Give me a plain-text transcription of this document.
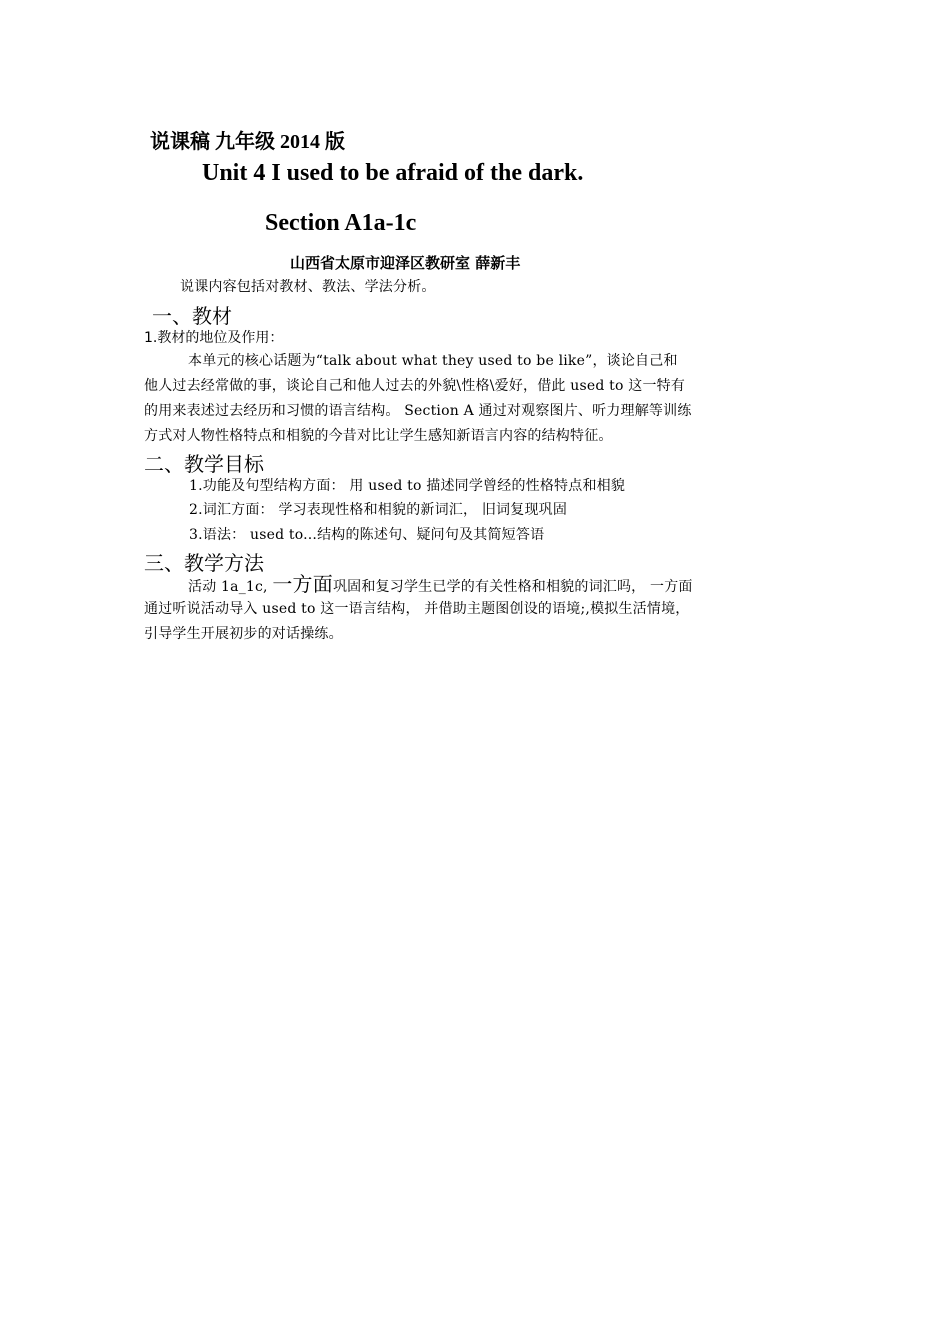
说课稿 九年级 2014 版
Unit 4 I used to be afraid of the dark.
Section A1a-1c
山西省太原市迎泽区教研室 薛新丰
说课内容包括对教材、教法、学法分析。
一、教材
1.教材的地位及作用：
本单元的核心话题为“talk about what they used to be like”，谈论自己和
他人过去经常做的事，谈论自己和他人过去的外貌\性格\爱好，借此 used to 这一特有
的用来表述过去经历和习惯的语言结构。 Section A 通过对观察图片、听力理解等训练
方式对人物性格特点和相貌的今昔对比让学生感知新语言内容的结构特征。
二、教学目标
1.功能及句型结构方面： 用 used to 描述同学曾经的性格特点和相貌
2.词汇方面： 学习表现性格和相貌的新词汇， 旧词复现巩固
3.语法： used to...结构的陈述句、疑问句及其简短答语
三、教学方法
活动 1a_1c, 一方面巩固和复习学生已学的有关性格和相貌的词汇吗， 一方面
通过听说活动导入 used to 这一语言结构， 并借助主题图创设的语境;,模拟生活情境，
引导学生开展初步的对话操练。
